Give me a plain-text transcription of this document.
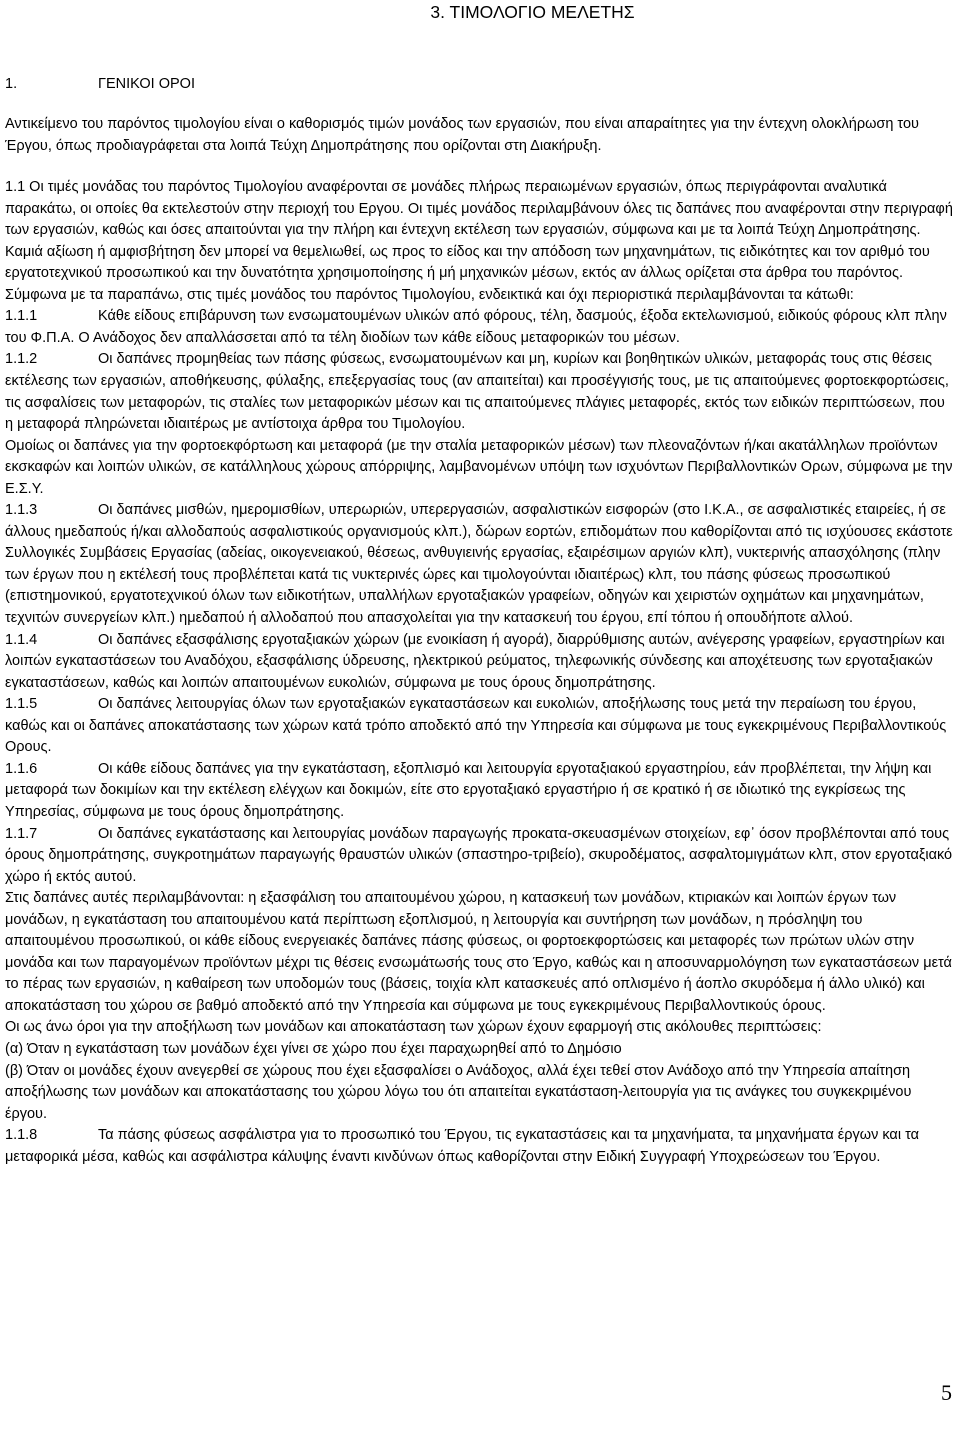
3. ΤΙΜΟΛΟΓΙΟ ΜΕΛΕΤΗΣ
1.	ΓΕΝΙΚΟΙ ΟΡΟΙ

Αντικείμενο του παρόντος τιμολογίου είναι ο καθορισμός τιμών μονάδος των εργασιών, που είναι απαραίτητες για την έντεχνη ολοκλήρωση του Έργου, όπως προδιαγράφεται στα λοιπά Τεύχη Δημοπράτησης που ορίζονται στη Διακήρυξη.

1.1 Οι τιμές μονάδας του παρόντος Τιμολογίου αναφέρονται σε μονάδες πλήρως περαιωμένων εργασιών, όπως περιγράφονται αναλυτικά παρακάτω, οι οποίες θα εκτελεστούν στην περιοχή του Εργου. Οι τιμές μονάδος περιλαμβάνουν όλες τις δαπάνες που αναφέρονται στην περιγραφή των εργασιών, καθώς και όσες απαιτούνται για την πλήρη και έντεχνη εκτέλεση των εργασιών, σύμφωνα και με τα λοιπά Τεύχη Δημοπράτησης.

Καμιά αξίωση ή αμφισβήτηση δεν μπορεί να θεμελιωθεί, ως προς το είδος και την απόδοση των μηχανημάτων, τις ειδικότητες και τον αριθμό του εργατοτεχνικού προσωπικού και την δυνατότητα χρησιμοποίησης ή μή μηχανικών μέσων, εκτός αν άλλως ορίζεται στα άρθρα του παρόντος.

Σύμφωνα με τα παραπάνω, στις τιμές μονάδος του παρόντος Τιμολογίου, ενδεικτικά και όχι περιοριστικά περιλαμβάνονται τα κάτωθι:

1.1.1	Κάθε είδους επιβάρυνση των ενσωματουμένων υλικών από φόρους, τέλη, δασμούς, έξοδα εκτελωνισμού, ειδικούς φόρους κλπ πλην του Φ.Π.Α. Ο Ανάδοχος δεν απαλλάσσεται από τα τέλη διοδίων των κάθε είδους μεταφορικών του μέσων.

1.1.2	Οι δαπάνες προμηθείας των πάσης φύσεως, ενσωματουμένων και μη, κυρίων και βοηθητικών υλικών, μεταφοράς τους στις θέσεις εκτέλεσης των εργασιών, αποθήκευσης, φύλαξης, επεξεργασίας τους (αν απαιτείται) και προσέγγισής τους, με τις απαιτούμενες φορτοεκφορτώσεις, τις ασφαλίσεις των μεταφορών, τις σταλίες των μεταφορικών μέσων και τις απαιτούμενες πλάγιες μεταφορές, εκτός των ειδικών περιπτώσεων, που η μεταφορά πληρώνεται ιδιαιτέρως με αντίστοιχα άρθρα του Τιμολογίου.

Ομοίως οι δαπάνες για την φορτοεκφόρτωση και μεταφορά (με την σταλία μεταφορικών μέσων) των πλεοναζόντων ή/και ακατάλληλων προϊόντων εκσκαφών και λοιπών υλικών, σε κατάλληλους χώρους απόρριψης, λαμβανομένων υπόψη των ισχυόντων Περιβαλλοντικών Ορων, σύμφωνα με την Ε.Σ.Υ.

1.1.3	Οι δαπάνες μισθών, ημερομισθίων, υπερωριών, υπερεργασιών, ασφαλιστικών εισφορών (στο Ι.Κ.Α., σε ασφαλιστικές εταιρείες, ή σε άλλους ημεδαπούς ή/και αλλοδαπούς ασφαλιστικούς οργανισμούς κλπ.), δώρων εορτών, επιδομάτων που καθορίζονται από τις ισχύουσες εκάστοτε Συλλογικές Συμβάσεις Εργασίας (αδείας, οικογενειακού, θέσεως, ανθυγιεινής εργασίας, εξαιρέσιμων αργιών κλπ), νυκτερινής απασχόλησης (πλην των έργων που η εκτέλεσή τους προβλέπεται κατά τις νυκτερινές ώρες και τιμολογούνται ιδιαιτέρως) κλπ, του πάσης φύσεως προσωπικού (επιστημονικού, εργατοτεχνικού όλων των ειδικοτήτων, υπαλλήλων εργοταξιακών γραφείων, οδηγών και χειριστών οχημάτων και μηχανημάτων, τεχνιτών συνεργείων κλπ.) ημεδαπού ή αλλοδαπού που απασχολείται για την κατασκευή του έργου, επί τόπου ή οπουδήποτε αλλού.

1.1.4	Οι δαπάνες εξασφάλισης εργοταξιακών χώρων (με ενοικίαση ή αγορά), διαρρύθμισης αυτών, ανέγερσης γραφείων, εργαστηρίων και λοιπών εγκαταστάσεων του Αναδόχου, εξασφάλισης ύδρευσης, ηλεκτρικού ρεύματος, τηλεφωνικής σύνδεσης και αποχέτευσης των εργοταξιακών εγκαταστάσεων, καθώς και λοιπών απαιτουμένων ευκολιών, σύμφωνα με τους όρους δημοπράτησης.

1.1.5	Οι δαπάνες λειτουργίας όλων των εργοταξιακών εγκαταστάσεων και ευκολιών, αποξήλωσης τους μετά την περαίωση του έργου, καθώς και οι δαπάνες αποκατάστασης των χώρων κατά τρόπο αποδεκτό από την Υπηρεσία και σύμφωνα με τους εγκεκριμένους Περιβαλλοντικούς Ορους.

1.1.6	Οι κάθε είδους δαπάνες για την εγκατάσταση, εξοπλισμό και λειτουργία εργοταξιακού εργαστηρίου, εάν προβλέπεται, την λήψη και μεταφορά των δοκιμίων και την εκτέλεση ελέγχων και δοκιμών, είτε στο εργοταξιακό εργαστήριο ή σε κρατικό ή σε ιδιωτικό της εγκρίσεως της Υπηρεσίας, σύμφωνα με τους όρους δημοπράτησης.

1.1.7	Οι δαπάνες εγκατάστασης και λειτουργίας μονάδων παραγωγής προκατα-σκευασμένων στοιχείων, εφ᾽ όσον προβλέπονται από τους όρους δημοπράτησης, συγκροτημάτων παραγωγής θραυστών υλικών (σπαστηρο-τριβείο), σκυροδέματος, ασφαλτομιγμάτων κλπ, στον εργοταξιακό χώρο ή εκτός αυτού.

Στις δαπάνες αυτές περιλαμβάνονται: η εξασφάλιση του απαιτουμένου χώρου, η κατασκευή των μονάδων, κτιριακών και λοιπών έργων των μονάδων, η εγκατάσταση του απαιτουμένου κατά περίπτωση εξοπλισμού, η λειτουργία και συντήρηση των μονάδων, η πρόσληψη του απαιτουμένου προσωπικού, οι κάθε είδους ενεργειακές δαπάνες πάσης φύσεως, οι φορτοεκφορτώσεις και μεταφορές των πρώτων υλών στην μονάδα και των παραγομένων προϊόντων μέχρι τις θέσεις ενσωμάτωσής τους στο Έργο, καθώς και η αποσυναρμολόγηση των εγκαταστάσεων μετά το πέρας των εργασιών, η καθαίρεση των υποδομών τους (βάσεις, τοιχία κλπ κατασκευές από οπλισμένο ή άοπλο σκυρόδεμα ή άλλο υλικό) και αποκατάσταση του χώρου σε βαθμό αποδεκτό από την Υπηρεσία και σύμφωνα με τους εγκεκριμένους Περιβαλλοντικούς όρους.

Οι ως άνω όροι για την αποξήλωση των μονάδων και αποκατάσταση των χώρων έχουν εφαρμογή στις ακόλουθες περιπτώσεις:

(α) Όταν η εγκατάσταση των μονάδων έχει γίνει σε χώρο που έχει παραχωρηθεί από το Δημόσιο

(β) Όταν οι μονάδες έχουν ανεγερθεί σε χώρους που έχει εξασφαλίσει ο Ανάδοχος, αλλά έχει τεθεί στον Ανάδοχο από την Υπηρεσία απαίτηση αποξήλωσης των μονάδων και αποκατάστασης του χώρου λόγω του ότι απαιτείται εγκατάσταση-λειτουργία για τις ανάγκες του συγκεκριμένου έργου.

1.1.8	Τα πάσης φύσεως ασφάλιστρα για το προσωπικό του Έργου, τις εγκαταστάσεις και τα μηχανήματα, τα μηχανήματα έργων και τα μεταφορικά μέσα, καθώς και ασφάλιστρα κάλυψης έναντι κινδύνων όπως καθορίζονται στην Ειδική Συγγραφή Υποχρεώσεων του Έργου.

5
